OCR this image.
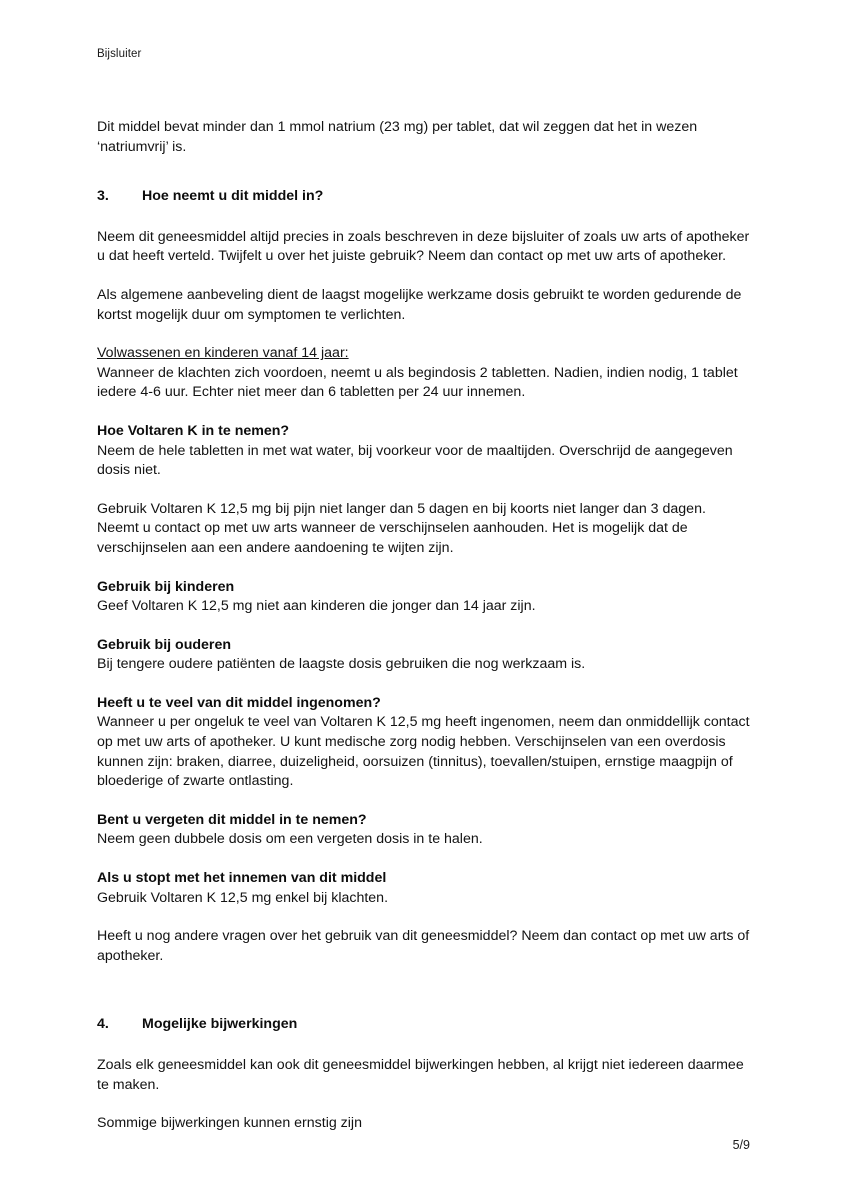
Bijsluiter

Dit middel bevat minder dan 1 mmol natrium (23 mg) per tablet, dat wil zeggen dat het in wezen ‘natriumvrij’ is.

3.	Hoe neemt u dit middel in?

Neem dit geneesmiddel altijd precies in zoals beschreven in deze bijsluiter of zoals uw arts of apotheker u dat heeft verteld. Twijfelt u over het juiste gebruik? Neem dan contact op met uw arts of apotheker.

Als algemene aanbeveling dient de laagst mogelijke werkzame dosis gebruikt te worden gedurende de kortst mogelijk duur om symptomen te verlichten.

Volwassenen en kinderen vanaf 14 jaar:

Wanneer de klachten zich voordoen, neemt u als begindosis 2 tabletten. Nadien, indien nodig, 1 tablet iedere 4-6 uur. Echter niet meer dan 6 tabletten per 24 uur innemen.

Hoe Voltaren K in te nemen?

Neem de hele tabletten in met wat water, bij voorkeur voor de maaltijden. Overschrijd de aangegeven dosis niet.

Gebruik Voltaren K 12,5 mg bij pijn niet langer dan 5 dagen en bij koorts niet langer dan 3 dagen. Neemt u contact op met uw arts wanneer de verschijnselen aanhouden. Het is mogelijk dat de verschijnselen aan een andere aandoening te wijten zijn.

Gebruik bij kinderen

Geef Voltaren K 12,5 mg niet aan kinderen die jonger dan 14 jaar zijn.

Gebruik bij ouderen

Bij tengere oudere patiënten de laagste dosis gebruiken die nog werkzaam is.

Heeft u te veel van dit middel ingenomen?

Wanneer u per ongeluk te veel van Voltaren K 12,5 mg heeft ingenomen, neem dan onmiddellijk contact op met uw arts of apotheker. U kunt medische zorg nodig hebben. Verschijnselen van een overdosis kunnen zijn: braken, diarree, duizeligheid, oorsuizen (tinnitus), toevallen/stuipen, ernstige maagpijn of bloederige of zwarte ontlasting.

Bent u vergeten dit middel in te nemen?

Neem geen dubbele dosis om een vergeten dosis in te halen.

Als u stopt met het innemen van dit middel

Gebruik Voltaren K 12,5 mg enkel bij klachten.

Heeft u nog andere vragen over het gebruik van dit geneesmiddel? Neem dan contact op met uw arts of apotheker.

4.	Mogelijke bijwerkingen

Zoals elk geneesmiddel kan ook dit geneesmiddel bijwerkingen hebben, al krijgt niet iedereen daarmee te maken.

Sommige bijwerkingen kunnen ernstig zijn

5/9
